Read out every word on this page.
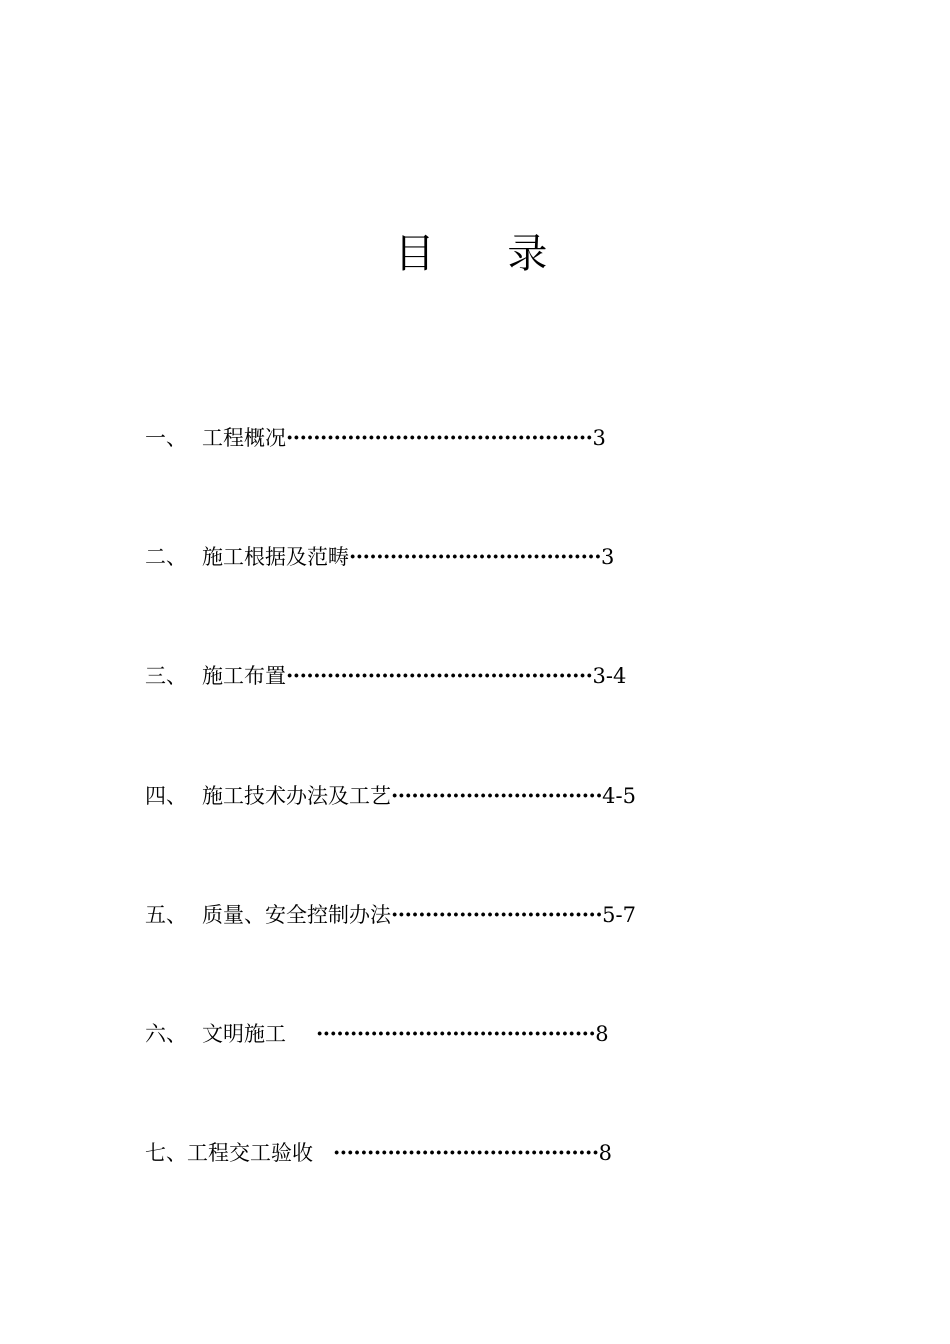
目 录
一、 工程概况·············································3
二、 施工根据及范畴·····································3
三、 施工布置·············································3-4
四、 施工技术办法及工艺·······························4-5
五、 质量、安全控制办法·······························5-7
六、 文明施工 ·········································8
七、工程交工验收 ·······································8
